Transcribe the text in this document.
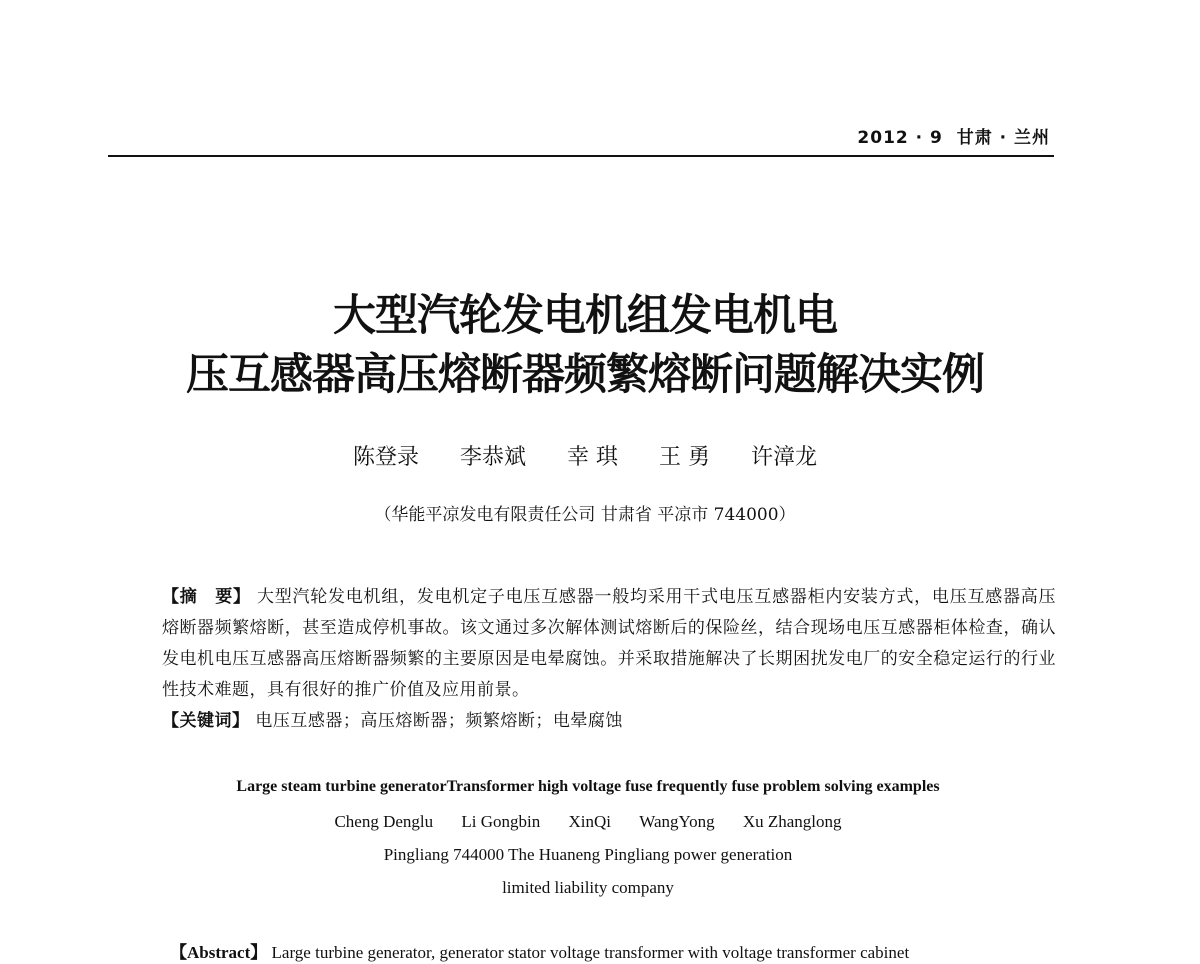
2012 · 9 甘肃 · 兰州
大型汽轮发电机组发电机电
压互感器高压熔断器频繁熔断问题解决实例
陈登录 李恭斌 幸 琪 王 勇 许漳龙
（华能平凉发电有限责任公司 甘肃省 平凉市 744000）

【摘　要】 大型汽轮发电机组，发电机定子电压互感器一般均采用干式电压互感器柜内安装方式，电压互感器高压熔断器频繁熔断，甚至造成停机事故。该文通过多次解体测试熔断后的保险丝，结合现场电压互感器柜体检查，确认发电机电压互感器高压熔断器频繁的主要原因是电晕腐蚀。并采取措施解决了长期困扰发电厂的安全稳定运行的行业性技术难题，具有很好的推广价值及应用前景。

【关键词】 电压互感器；高压熔断器；频繁熔断；电晕腐蚀

Large steam turbine generatorTransformer high voltage fuse frequently fuse problem solving examples
Cheng Denglu Li Gongbin XinQi WangYong Xu Zhanglong
Pingliang 744000 The Huaneng Pingliang power generation
limited liability company
【Abstract】 Large turbine generator, generator stator voltage transformer with voltage transformer cabinet
